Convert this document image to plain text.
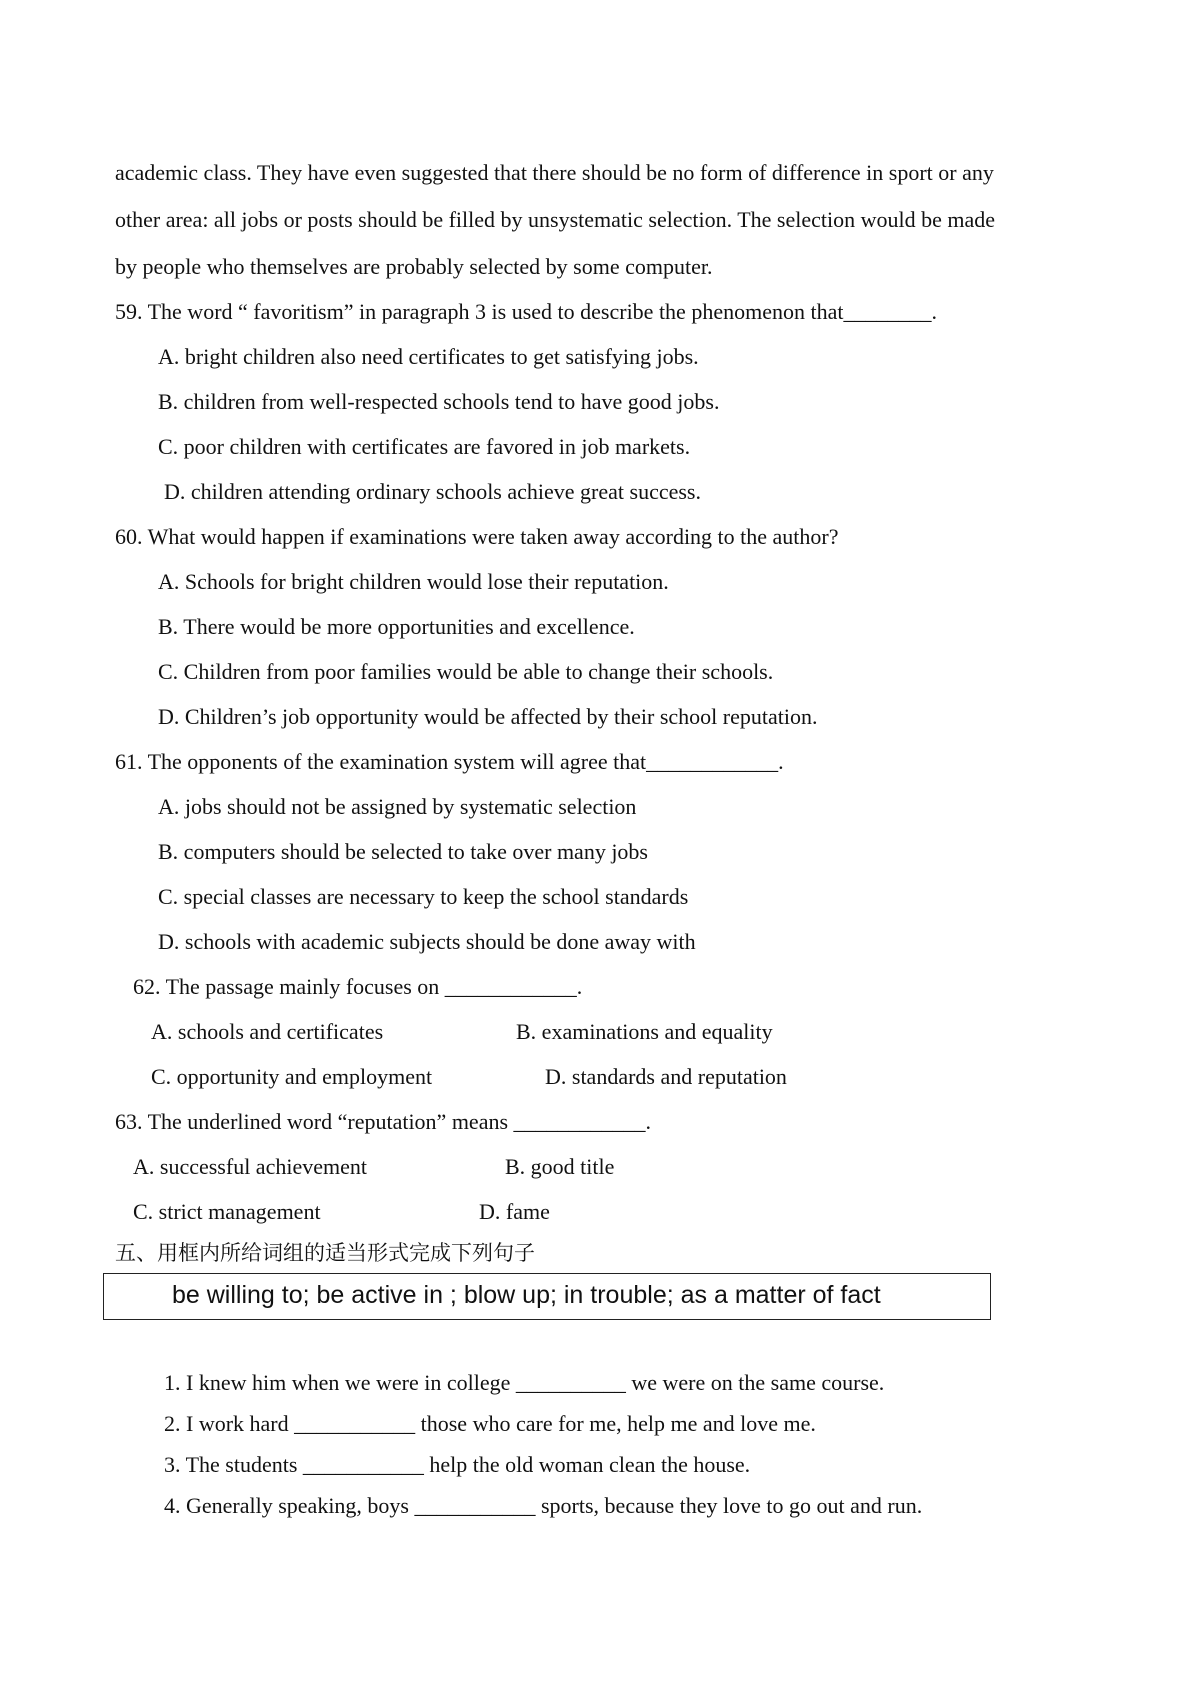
academic class. They have even suggested that there should be no form of difference in sport or any
other area: all jobs or posts should be filled by unsystematic selection. The selection would be made
by people who themselves are probably selected by some computer.
59. The word “ favoritism” in paragraph 3 is used to describe the phenomenon that________.
A. bright children also need certificates to get satisfying jobs.
B. children from well-respected schools tend to have good jobs.
C. poor children with certificates are favored in job markets.
D. children attending ordinary schools achieve great success.
60. What would happen if examinations were taken away according to the author?
A. Schools for bright children would lose their reputation.
B. There would be more opportunities and excellence.
C. Children from poor families would be able to change their schools.
D. Children’s job opportunity would be affected by their school reputation.
61. The opponents of the examination system will agree that____________.
A. jobs should not be assigned by systematic selection
B. computers should be selected to take over many jobs
C. special classes are necessary to keep the school standards
D. schools with academic subjects should be done away with
62. The passage mainly focuses on ____________.
A. schools and certificates	B. examinations and equality
C. opportunity and employment	D. standards and reputation
63. The underlined word “reputation” means ____________.
A. successful achievement	B. good title
C. strict management	D. fame
五、用框内所给词组的适当形式完成下列句子
be willing to; be active in ; blow up; in trouble; as a matter of fact
1. I knew him when we were in college __________ we were on the same course.
2. I work hard ___________ those who care for me, help me and love me.
3. The students ___________ help the old woman clean the house.
4. Generally speaking, boys ___________ sports, because they love to go out and run.
